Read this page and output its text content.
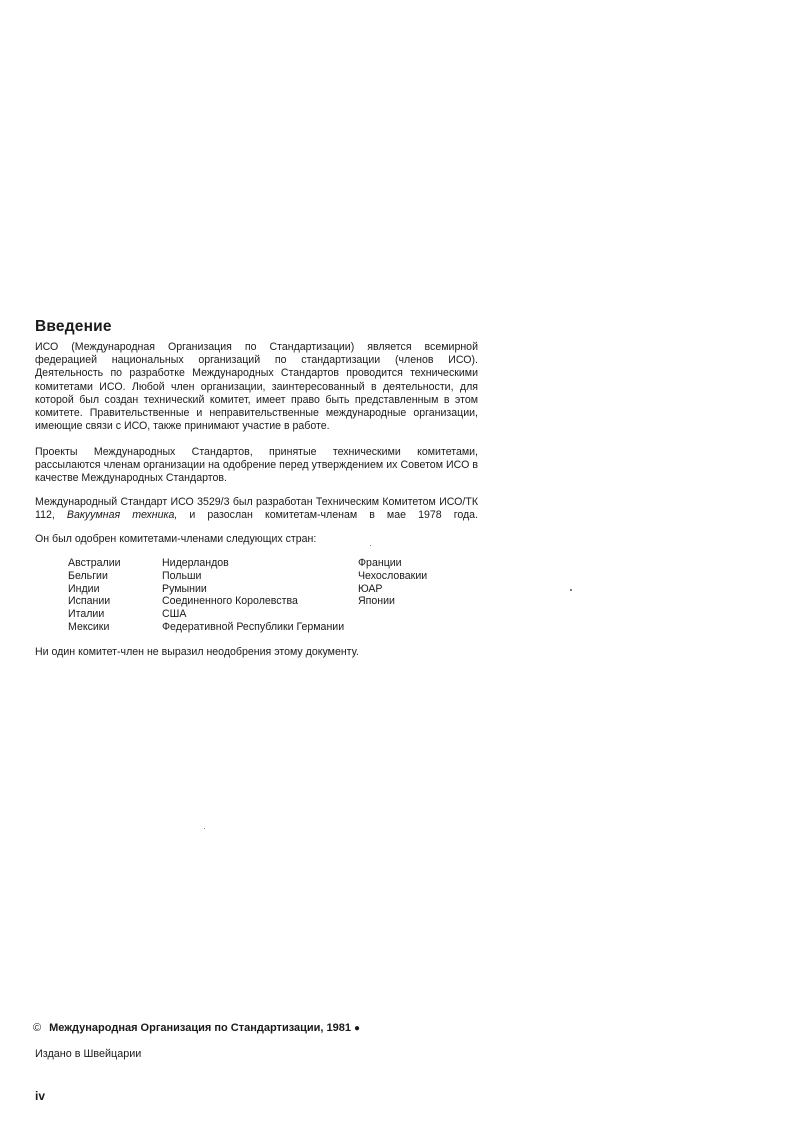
Введение

ИСО (Международная Организация по Стандартизации) является всемирной федерацией национальных организаций по стандартизации (членов ИСО). Деятельность по разработке Международных Стандартов проводится техническими комитетами ИСО. Любой член организации, заинтересованный в деятельности, для которой был создан технический комитет, имеет право быть представленным в этом комитете. Правительственные и неправительственные международные организации, имеющие связи с ИСО, также принимают участие в работе.

Проекты Международных Стандартов, принятые техническими комитетами, рассылаются членам организации на одобрение перед утверждением их Советом ИСО в качестве Международных Стандартов.

Международный Стандарт ИСО 3529/3 был разработан Техническим Комитетом ИСО/ТК 112, Вакуумная техника, и разослан комитетам-членам в мае 1978 года.

Он был одобрен комитетами-членами следующих стран:

Австралии
Бельгии
Индии
Испании
Италии
Мексики
Нидерландов
Польши
Румынии
Соединенного Королевства
США
Федеративной Республики Германии
Франции
Чехословакии
ЮАР
Японии

Ни один комитет-член не выразил неодобрения этому документу.

© Международная Организация по Стандартизации, 1981 ●
Издано в Швейцарии
iv
